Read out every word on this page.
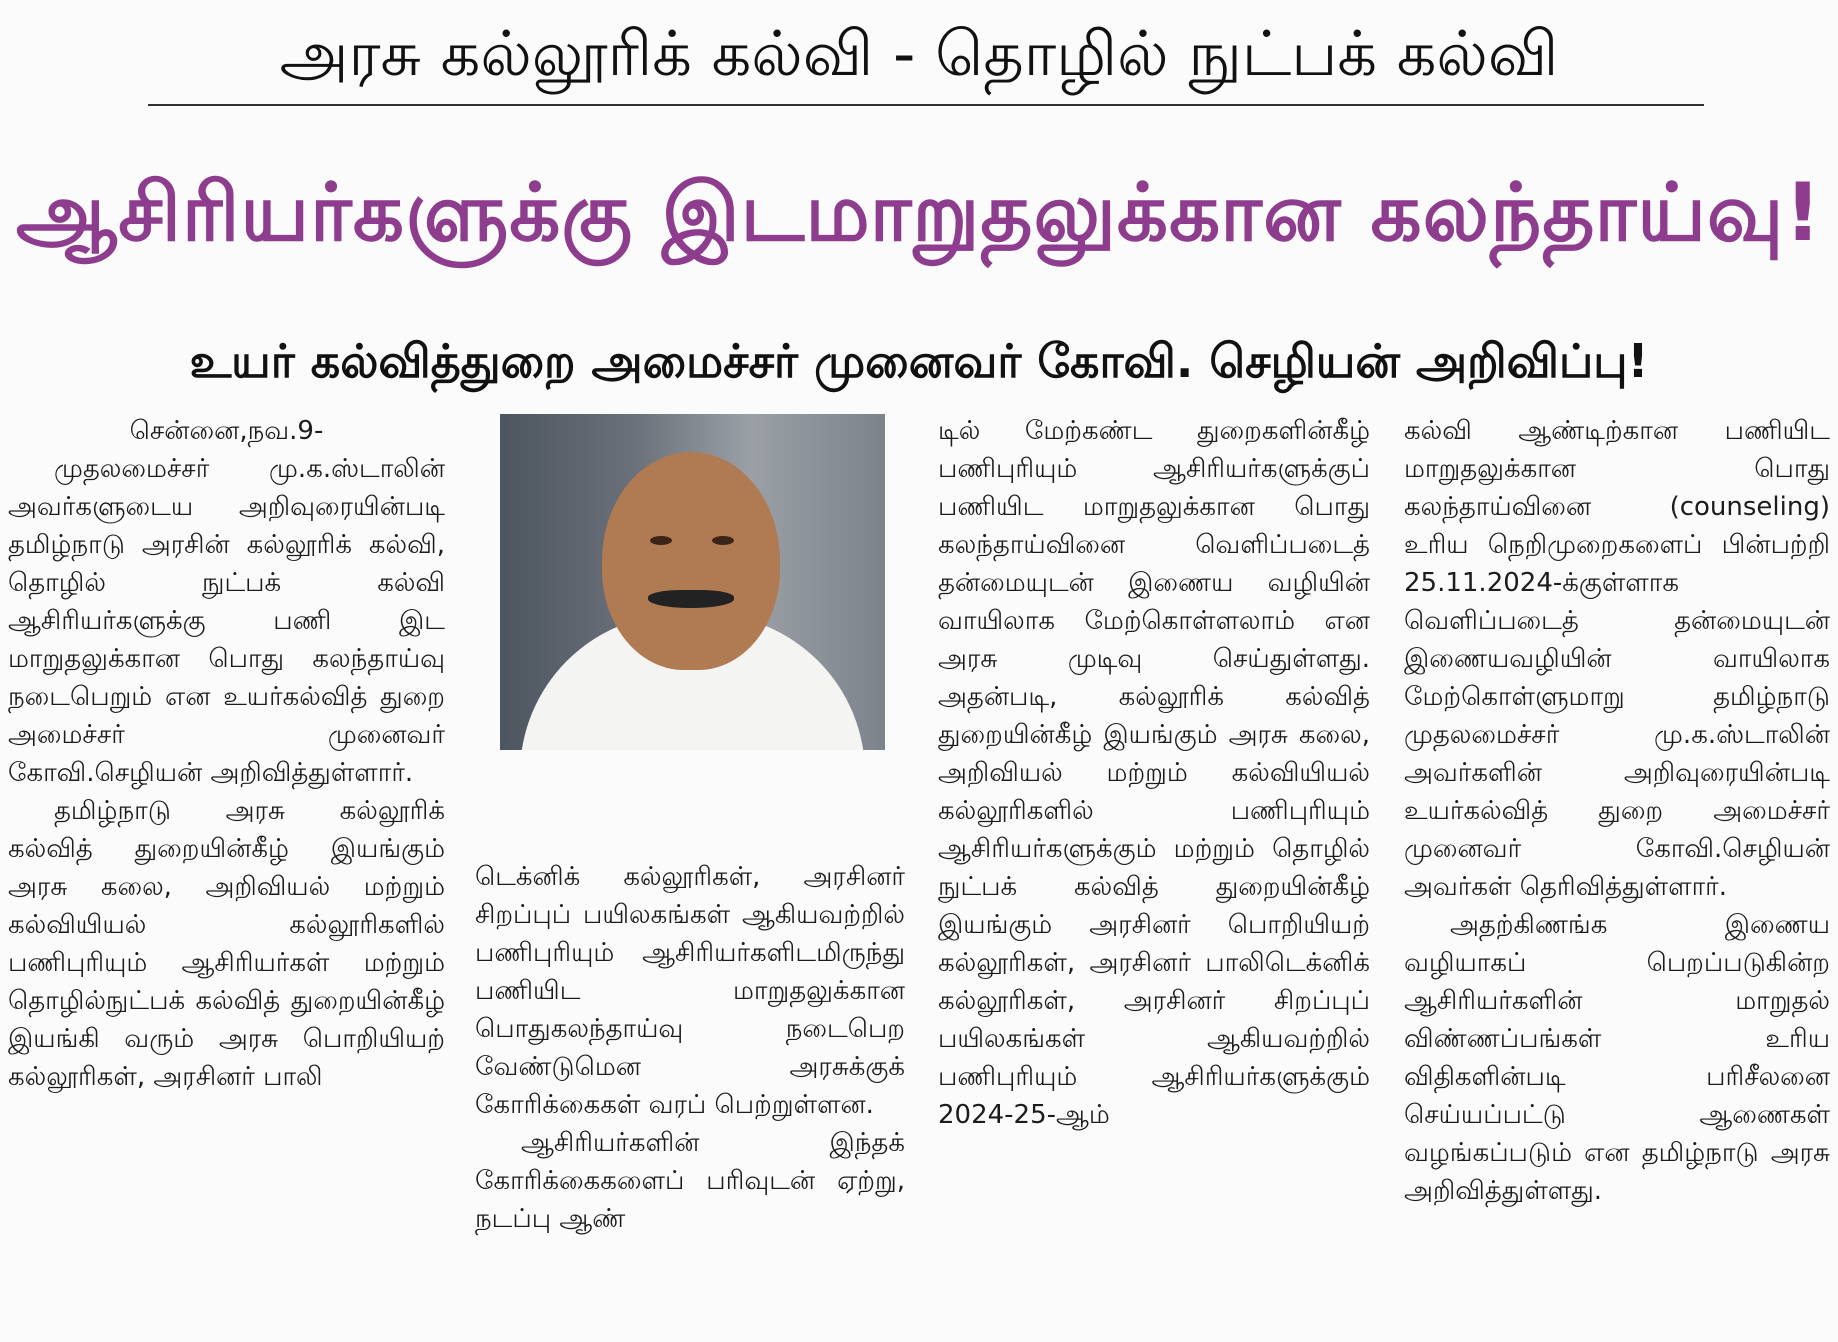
அரசு கல்லூரிக் கல்வி - தொழில் நுட்பக் கல்வி
ஆசிரியர்களுக்கு இடமாறுதலுக்கான கலந்தாய்வு!
உயர் கல்வித்துறை அமைச்சர் முனைவர் கோவி. செழியன் அறிவிப்பு!

சென்னை,நவ.9-

முதலமைச்சர் மு.க.ஸ்டாலின் அவர்களுடைய அறிவுரையின்படி தமிழ்நாடு அரசின் கல்லூரிக் கல்வி, தொழில் நுட்பக் கல்வி ஆசிரியர்களுக்கு பணி இட மாறுதலுக்கான பொது கலந்தாய்வு நடைபெறும் என உயர்கல்வித் துறை அமைச்சர் முனைவர் கோவி.செழியன் அறிவித்துள்ளார்.

தமிழ்நாடு அரசு கல்லூரிக் கல்வித் துறையின்கீழ் இயங்கும் அரசு கலை, அறிவியல் மற்றும் கல்வியியல் கல்லூரிகளில் பணிபுரியும் ஆசிரியர்கள் மற்றும் தொழில்நுட்பக் கல்வித் துறையின்கீழ் இயங்கி வரும் அரசு பொறியியற் கல்லூரிகள், அரசினர் பாலி

டெக்னிக் கல்லூரிகள், அரசினர் சிறப்புப் பயிலகங்கள் ஆகியவற்றில் பணிபுரியும் ஆசிரியர்களிடமிருந்து பணியிட மாறுதலுக்கான பொதுகலந்தாய்வு நடைபெற வேண்டுமென அரசுக்குக் கோரிக்கைகள் வரப் பெற்றுள்ளன.

ஆசிரியர்களின் இந்தக் கோரிக்கைகளைப் பரிவுடன் ஏற்று, நடப்பு ஆண்

டில் மேற்கண்ட துறைகளின்கீழ் பணிபுரியும் ஆசிரியர்களுக்குப் பணியிட மாறுதலுக்கான பொது கலந்தாய்வினை வெளிப்படைத் தன்மையுடன் இணைய வழியின் வாயிலாக மேற்கொள்ளலாம் என அரசு முடிவு செய்துள்ளது. அதன்படி, கல்லூரிக் கல்வித் துறையின்கீழ் இயங்கும் அரசு கலை, அறிவியல் மற்றும் கல்வியியல் கல்லூரிகளில் பணிபுரியும் ஆசிரியர்களுக்கும் மற்றும் தொழில் நுட்பக் கல்வித் துறையின்கீழ் இயங்கும் அரசினர் பொறியியற் கல்லூரிகள், அரசினர் பாலிடெக்னிக் கல்லூரிகள், அரசினர் சிறப்புப் பயிலகங்கள் ஆகியவற்றில் பணிபுரியும் ஆசிரியர்களுக்கும் 2024-25-ஆம்

கல்வி ஆண்டிற்கான பணியிட மாறுதலுக்கான பொது கலந்தாய்வினை (counseling) உரிய நெறிமுறைகளைப் பின்பற்றி 25.11.2024-க்குள்ளாக வெளிப்படைத் தன்மையுடன் இணையவழியின் வாயிலாக மேற்கொள்ளுமாறு தமிழ்நாடு முதலமைச்சர் மு.க.ஸ்டாலின் அவர்களின் அறிவுரையின்படி உயர்கல்வித் துறை அமைச்சர் முனைவர் கோவி.செழியன் அவர்கள் தெரிவித்துள்ளார்.

அதற்கிணங்க இணைய வழியாகப் பெறப்படுகின்ற ஆசிரியர்களின் மாறுதல் விண்ணப்பங்கள் உரிய விதிகளின்படி பரிசீலனை செய்யப்பட்டு ஆணைகள் வழங்கப்படும் என தமிழ்நாடு அரசு அறிவித்துள்ளது.
